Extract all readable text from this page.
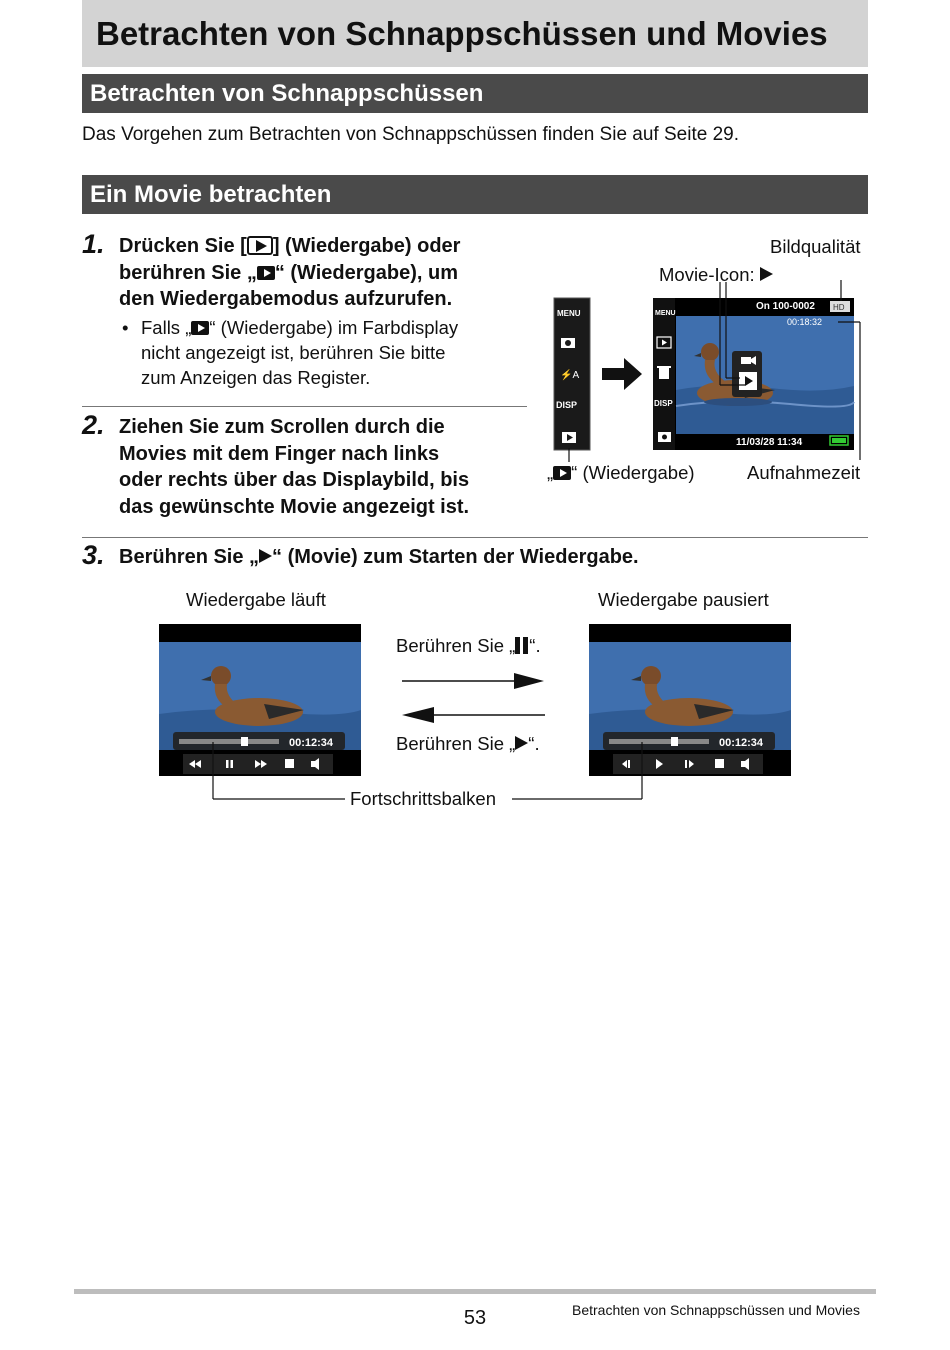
Betrachten von Schnappschüssen und Movies
Betrachten von Schnappschüssen
Das Vorgehen zum Betrachten von Schnappschüssen finden Sie auf Seite 29.
Ein Movie betrachten
1. Drücken Sie [ ] (Wiedergabe) oder
berühren Sie „ “ (Wiedergabe), um
den Wiedergabemodus aufzurufen.
• Falls „ “ (Wiedergabe) im Farbdisplay
nicht angezeigt ist, berühren Sie bitte
zum Anzeigen das Register.
2. Ziehen Sie zum Scrollen durch die
Movies mit dem Finger nach links
oder rechts über das Displaybild, bis
das gewünschte Movie angezeigt ist.
Bildqualität
Movie-Icon:
MENU
⚡A
DISP
MENU
DISP
On 100-0002 HD
00:18:32
11/03/28 11:34
„ “ (Wiedergabe)	Aufnahmezeit
3. Berühren Sie „ “ (Movie) zum Starten der Wiedergabe.
Wiedergabe läuft	Wiedergabe pausiert
00:12:34	00:12:34
Berühren Sie „ “.
Berühren Sie „ “.
Fortschrittsbalken
53	Betrachten von Schnappschüssen und Movies
